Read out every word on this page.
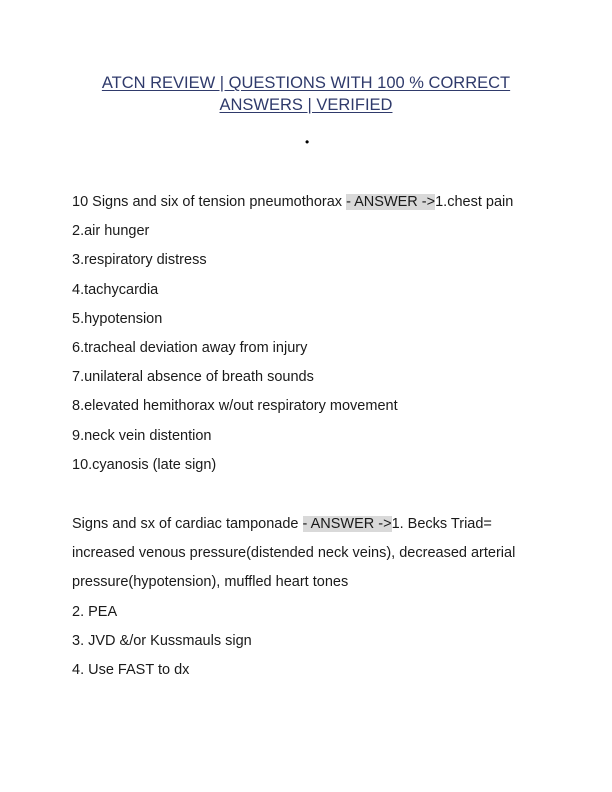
ATCN REVIEW | QUESTIONS WITH 100 % CORRECT ANSWERS | VERIFIED
•
10 Signs and six of tension pneumothorax - ANSWER ->1.chest pain
2.air hunger
3.respiratory distress
4.tachycardia
5.hypotension
6.tracheal deviation away from injury
7.unilateral absence of breath sounds
8.elevated hemithorax w/out respiratory movement
9.neck vein distention
10.cyanosis (late sign)
Signs and sx of cardiac tamponade - ANSWER ->1. Becks Triad=
increased venous pressure(distended neck veins), decreased arterial
pressure(hypotension), muffled heart tones
2. PEA
3. JVD &/or Kussmauls sign
4. Use FAST to dx
